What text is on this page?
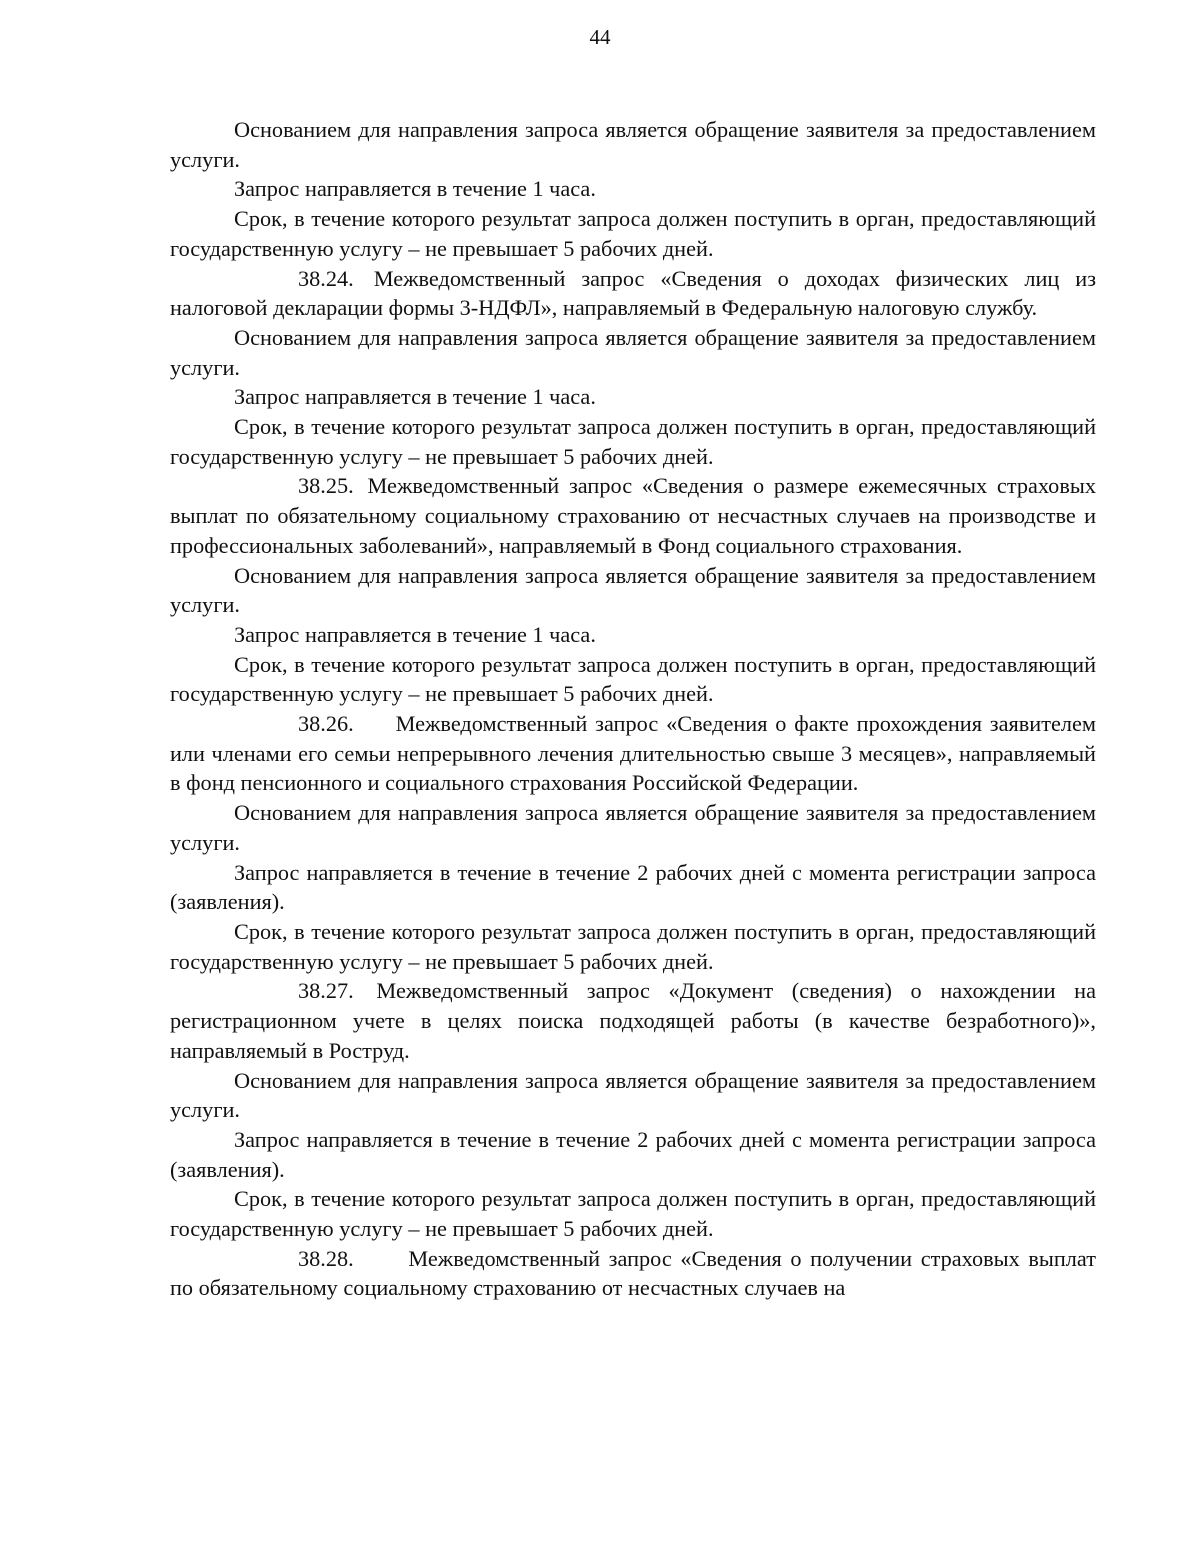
44

Основанием для направления запроса является обращение заявителя за предоставлением услуги.

Запрос направляется в течение 1 часа.

Срок, в течение которого результат запроса должен поступить в орган, предоставляющий государственную услугу – не превышает 5 рабочих дней.

38.24. Межведомственный запрос «Сведения о доходах физических лиц из налоговой декларации формы 3-НДФЛ», направляемый в Федеральную налоговую службу.

Основанием для направления запроса является обращение заявителя за предоставлением услуги.

Запрос направляется в течение 1 часа.

Срок, в течение которого результат запроса должен поступить в орган, предоставляющий государственную услугу – не превышает 5 рабочих дней.

38.25. Межведомственный запрос «Сведения о размере ежемесячных страховых выплат по обязательному социальному страхованию от несчастных случаев на производстве и профессиональных заболеваний», направляемый в Фонд социального страхования.

Основанием для направления запроса является обращение заявителя за предоставлением услуги.

Запрос направляется в течение 1 часа.

Срок, в течение которого результат запроса должен поступить в орган, предоставляющий государственную услугу – не превышает 5 рабочих дней.

38.26. Межведомственный запрос «Сведения о факте прохождения заявителем или членами его семьи непрерывного лечения длительностью свыше 3 месяцев», направляемый в фонд пенсионного и социального страхования Российской Федерации.

Основанием для направления запроса является обращение заявителя за предоставлением услуги.

Запрос направляется в течение в течение 2 рабочих дней с момента регистрации запроса (заявления).

Срок, в течение которого результат запроса должен поступить в орган, предоставляющий государственную услугу – не превышает 5 рабочих дней.

38.27. Межведомственный запрос «Документ (сведения) о нахождении на регистрационном учете в целях поиска подходящей работы (в качестве безработного)», направляемый в Роструд.

Основанием для направления запроса является обращение заявителя за предоставлением услуги.

Запрос направляется в течение в течение 2 рабочих дней с момента регистрации запроса (заявления).

Срок, в течение которого результат запроса должен поступить в орган, предоставляющий государственную услугу – не превышает 5 рабочих дней.

38.28. Межведомственный запрос «Сведения о получении страховых выплат по обязательному социальному страхованию от несчастных случаев на
